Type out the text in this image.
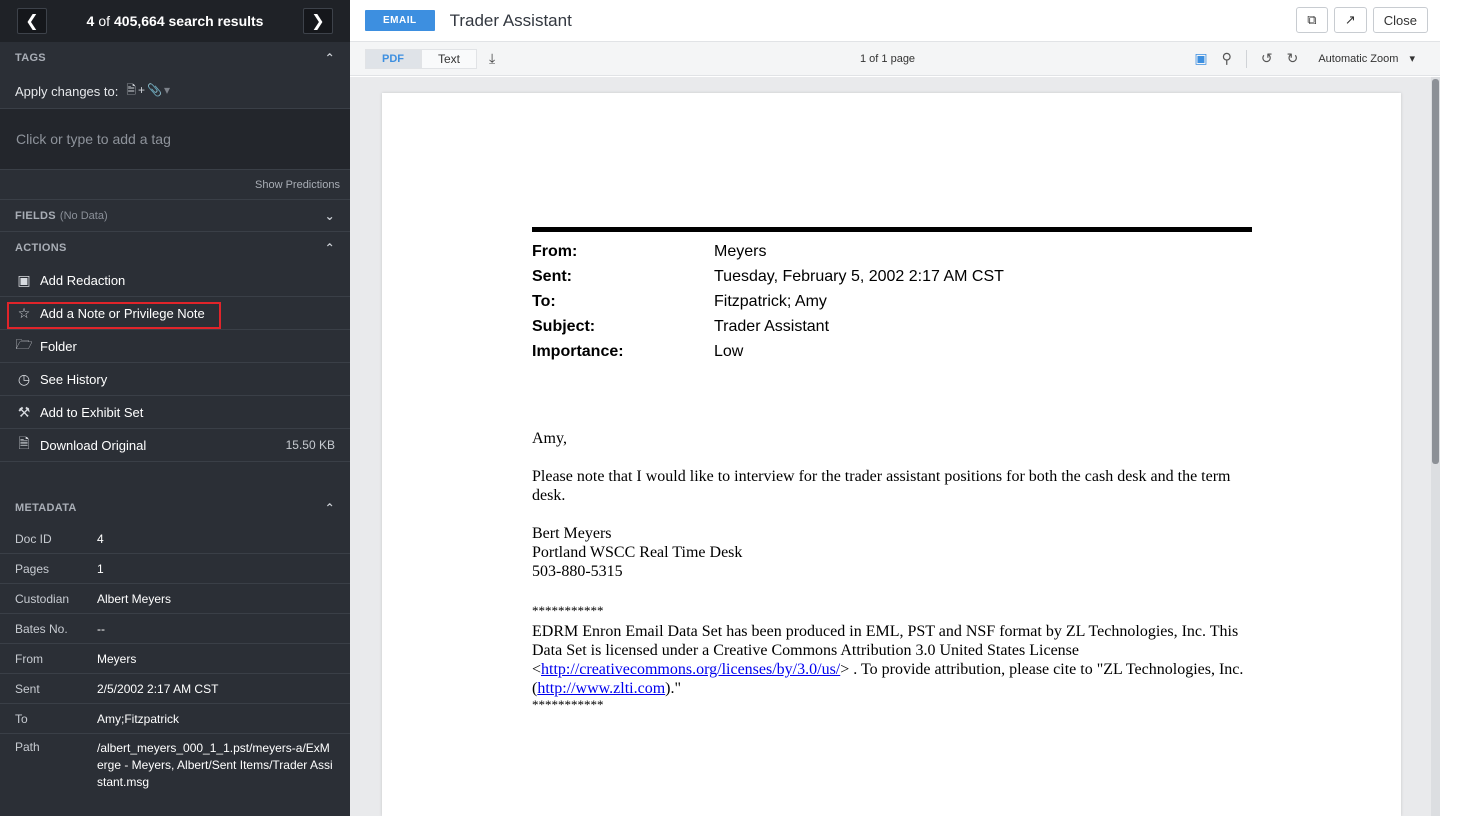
❮	4 of 405,664 search results	❯
TAGS	⌃
Apply changes to: 🗎+📎▾
Click or type to add a tag
Show Predictions
FIELDS (No Data)	⌄
ACTIONS	⌃
▣ Add Redaction
☆ Add a Note or Privilege Note
🗁 Folder
◷ See History
⚒ Add to Exhibit Set
🗎 Download Original	15.50 KB
METADATA	⌃
Doc ID	4
Pages	1
Custodian	Albert Meyers
Bates No.	--
From	Meyers
Sent	2/5/2002 2:17 AM CST
To	Amy;Fitzpatrick
Path	/albert_meyers_000_1_1.pst/meyers-a/ExMerge - Meyers, Albert/Sent Items/Trader Assistant.msg
EMAIL	Trader Assistant	⧉ ↗ Close
PDF	Text ⤓	1 of 1 page	▣ ⚲ ↺ ↻ Automatic Zoom ▾
From:	Meyers
Sent:	Tuesday, February 5, 2002 2:17 AM CST
To:	Fitzpatrick; Amy
Subject:	Trader Assistant
Importance:	Low

Amy,

Please note that I would like to interview for the trader assistant positions for both the cash desk and the term desk.

Bert Meyers

Portland WSCC Real Time Desk

503-880-5315

***********

EDRM Enron Email Data Set has been produced in EML, PST and NSF format by ZL Technologies, Inc. This Data Set is licensed under a Creative Commons Attribution 3.0 United States License <http://creativecommons.org/licenses/by/3.0/us/> . To provide attribution, please cite to "ZL Technologies, Inc. (http://www.zlti.com)."

***********
